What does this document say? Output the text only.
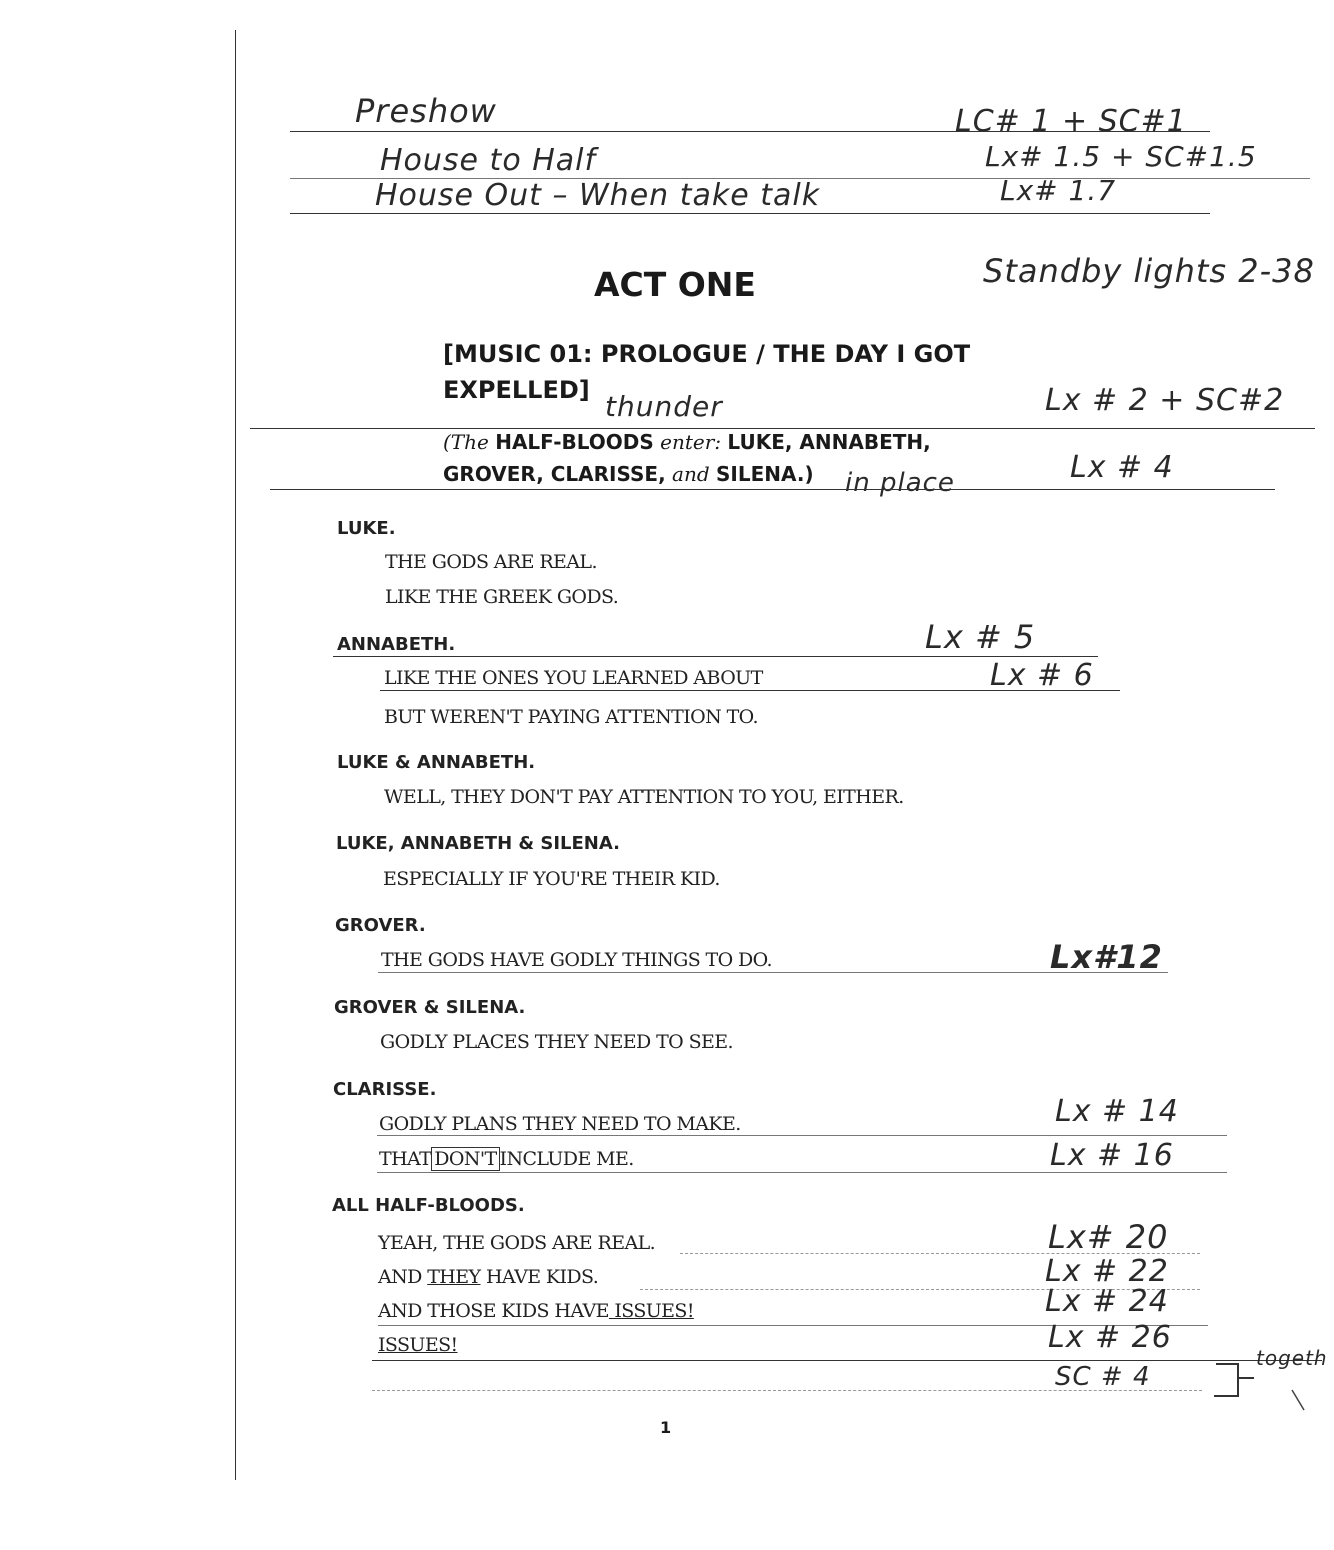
Preshow	LC# 1 + SC#1
House to Half	Lx# 1.5 + SC#1.5
House Out – When take talk	Lx# 1.7
ACT ONE	Standby lights 2-38
[MUSIC 01: PROLOGUE / THE DAY I GOT
EXPELLED] thunder	Lx # 2 + SC#2
(The HALF-BLOODS enter: LUKE, ANNABETH,
GROVER, CLARISSE, and SILENA.) in place	Lx # 4
LUKE.
THE GODS ARE REAL.
LIKE THE GREEK GODS.
ANNABETH.	Lx # 5
LIKE THE ONES YOU LEARNED ABOUT	Lx # 6
BUT WEREN'T PAYING ATTENTION TO.
LUKE & ANNABETH.
WELL, THEY DON'T PAY ATTENTION TO YOU, EITHER.
LUKE, ANNABETH & SILENA.
ESPECIALLY IF YOU'RE THEIR KID.
GROVER.
THE GODS HAVE GODLY THINGS TO DO.	Lx#12
GROVER & SILENA.
GODLY PLACES THEY NEED TO SEE.
CLARISSE.
GODLY PLANS THEY NEED TO MAKE.	Lx # 14
THAT DON'T INCLUDE ME.	Lx # 16
ALL HALF-BLOODS.
YEAH, THE GODS ARE REAL.	Lx# 20
AND THEY HAVE KIDS.	Lx # 22
AND THOSE KIDS HAVE ISSUES!	Lx # 24
ISSUES!	Lx # 26
SC # 4
togeth
1
